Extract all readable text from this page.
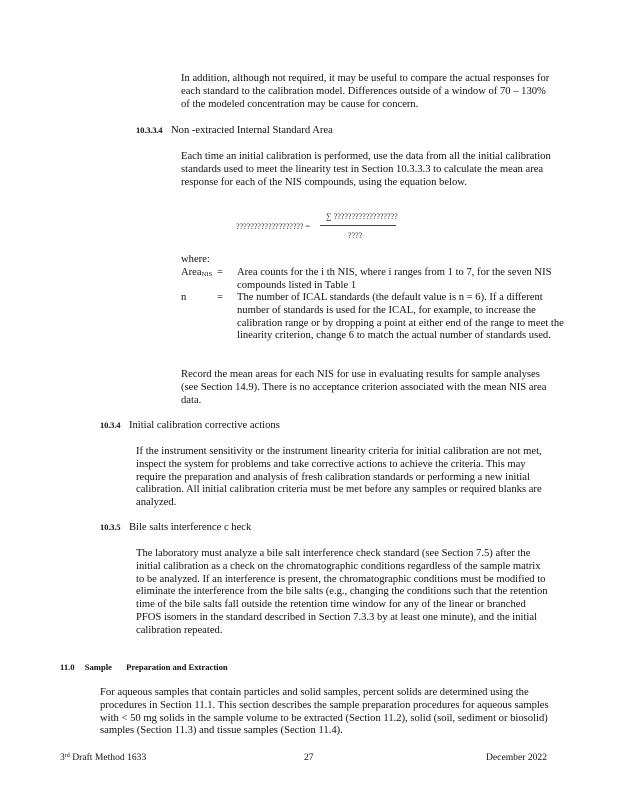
In addition, although not required, it may be useful to compare the actual responses for each standard to the calibration model. Differences outside of a window of 70 – 130% of the modeled concentration may be cause for concern.

10.3.3.4 Non -extracted Internal Standard Area

Each time an initial calibration is performed, use the data from all the initial calibration standards used to meet the linearity test in Section 10.3.3.3 to calculate the mean area response for each of the NIS compounds, using the equation below.

??????????????????? =
∑ ??????????????????
????
where:
AreaNIS = Area counts for the i th NIS, where i ranges from 1 to 7, for the seven NIS compounds listed in Table 1
n	= The number of ICAL standards (the default value is n = 6). If a different number of standards is used for the ICAL, for example, to increase the calibration range or by dropping a point at either end of the range to meet the linearity criterion, change 6 to match the actual number of standards used.

Record the mean areas for each NIS for use in evaluating results for sample analyses (see Section 14.9). There is no acceptance criterion associated with the mean NIS area data.

10.3.4 Initial calibration corrective actions

If the instrument sensitivity or the instrument linearity criteria for initial calibration are not met, inspect the system for problems and take corrective actions to achieve the criteria. This may require the preparation and analysis of fresh calibration standards or performing a new initial calibration. All initial calibration criteria must be met before any samples or required blanks are analyzed.

10.3.5 Bile salts interference c heck

The laboratory must analyze a bile salt interference check standard (see Section 7.5) after the initial calibration as a check on the chromatographic conditions regardless of the sample matrix to be analyzed. If an interference is present, the chromatographic conditions must be modified to eliminate the interference from the bile salts (e.g., changing the conditions such that the retention time of the bile salts fall outside the retention time window for any of the linear or branched PFOS isomers in the standard described in Section 7.3.3 by at least one minute), and the initial calibration repeated.

11.0 Sample Preparation and Extraction

For aqueous samples that contain particles and solid samples, percent solids are determined using the procedures in Section 11.1. This section describes the sample preparation procedures for aqueous samples with < 50 mg solids in the sample volume to be extracted (Section 11.2), solid (soil, sediment or biosolid) samples (Section 11.3) and tissue samples (Section 11.4).

3rd Draft Method 1633	27	December 2022
